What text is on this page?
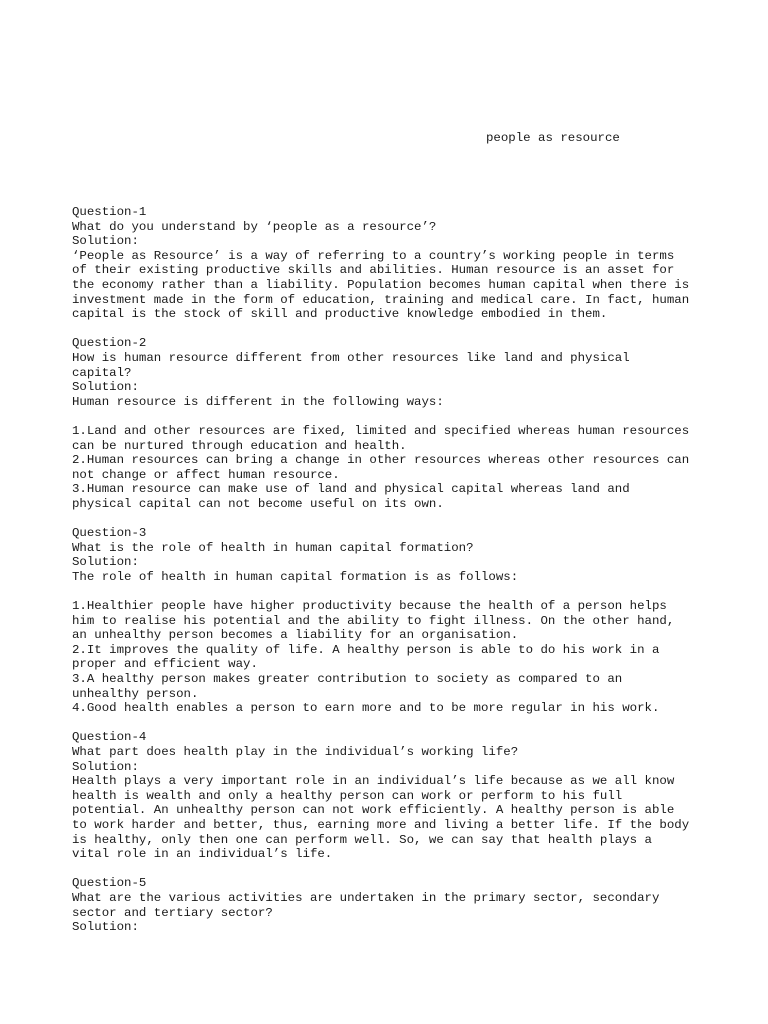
people as resource
Question-1
What do you understand by ‘people as a resource’?
Solution:
‘People as Resource’ is a way of referring to a country’s working people in terms
of their existing productive skills and abilities. Human resource is an asset for
the economy rather than a liability. Population becomes human capital when there is
investment made in the form of education, training and medical care. In fact, human
capital is the stock of skill and productive knowledge embodied in them.
Question-2
How is human resource different from other resources like land and physical
capital?
Solution:
Human resource is different in the following ways:
1.Land and other resources are fixed, limited and specified whereas human resources
can be nurtured through education and health.
2.Human resources can bring a change in other resources whereas other resources can
not change or affect human resource.
3.Human resource can make use of land and physical capital whereas land and
physical capital can not become useful on its own.
Question-3
What is the role of health in human capital formation?
Solution:
The role of health in human capital formation is as follows:
1.Healthier people have higher productivity because the health of a person helps
him to realise his potential and the ability to fight illness. On the other hand,
an unhealthy person becomes a liability for an organisation.
2.It improves the quality of life. A healthy person is able to do his work in a
proper and efficient way.
3.A healthy person makes greater contribution to society as compared to an
unhealthy person.
4.Good health enables a person to earn more and to be more regular in his work.
Question-4
What part does health play in the individual’s working life?
Solution:
Health plays a very important role in an individual’s life because as we all know
health is wealth and only a healthy person can work or perform to his full
potential. An unhealthy person can not work efficiently. A healthy person is able
to work harder and better, thus, earning more and living a better life. If the body
is healthy, only then one can perform well. So, we can say that health plays a
vital role in an individual’s life.
Question-5
What are the various activities are undertaken in the primary sector, secondary
sector and tertiary sector?
Solution:
